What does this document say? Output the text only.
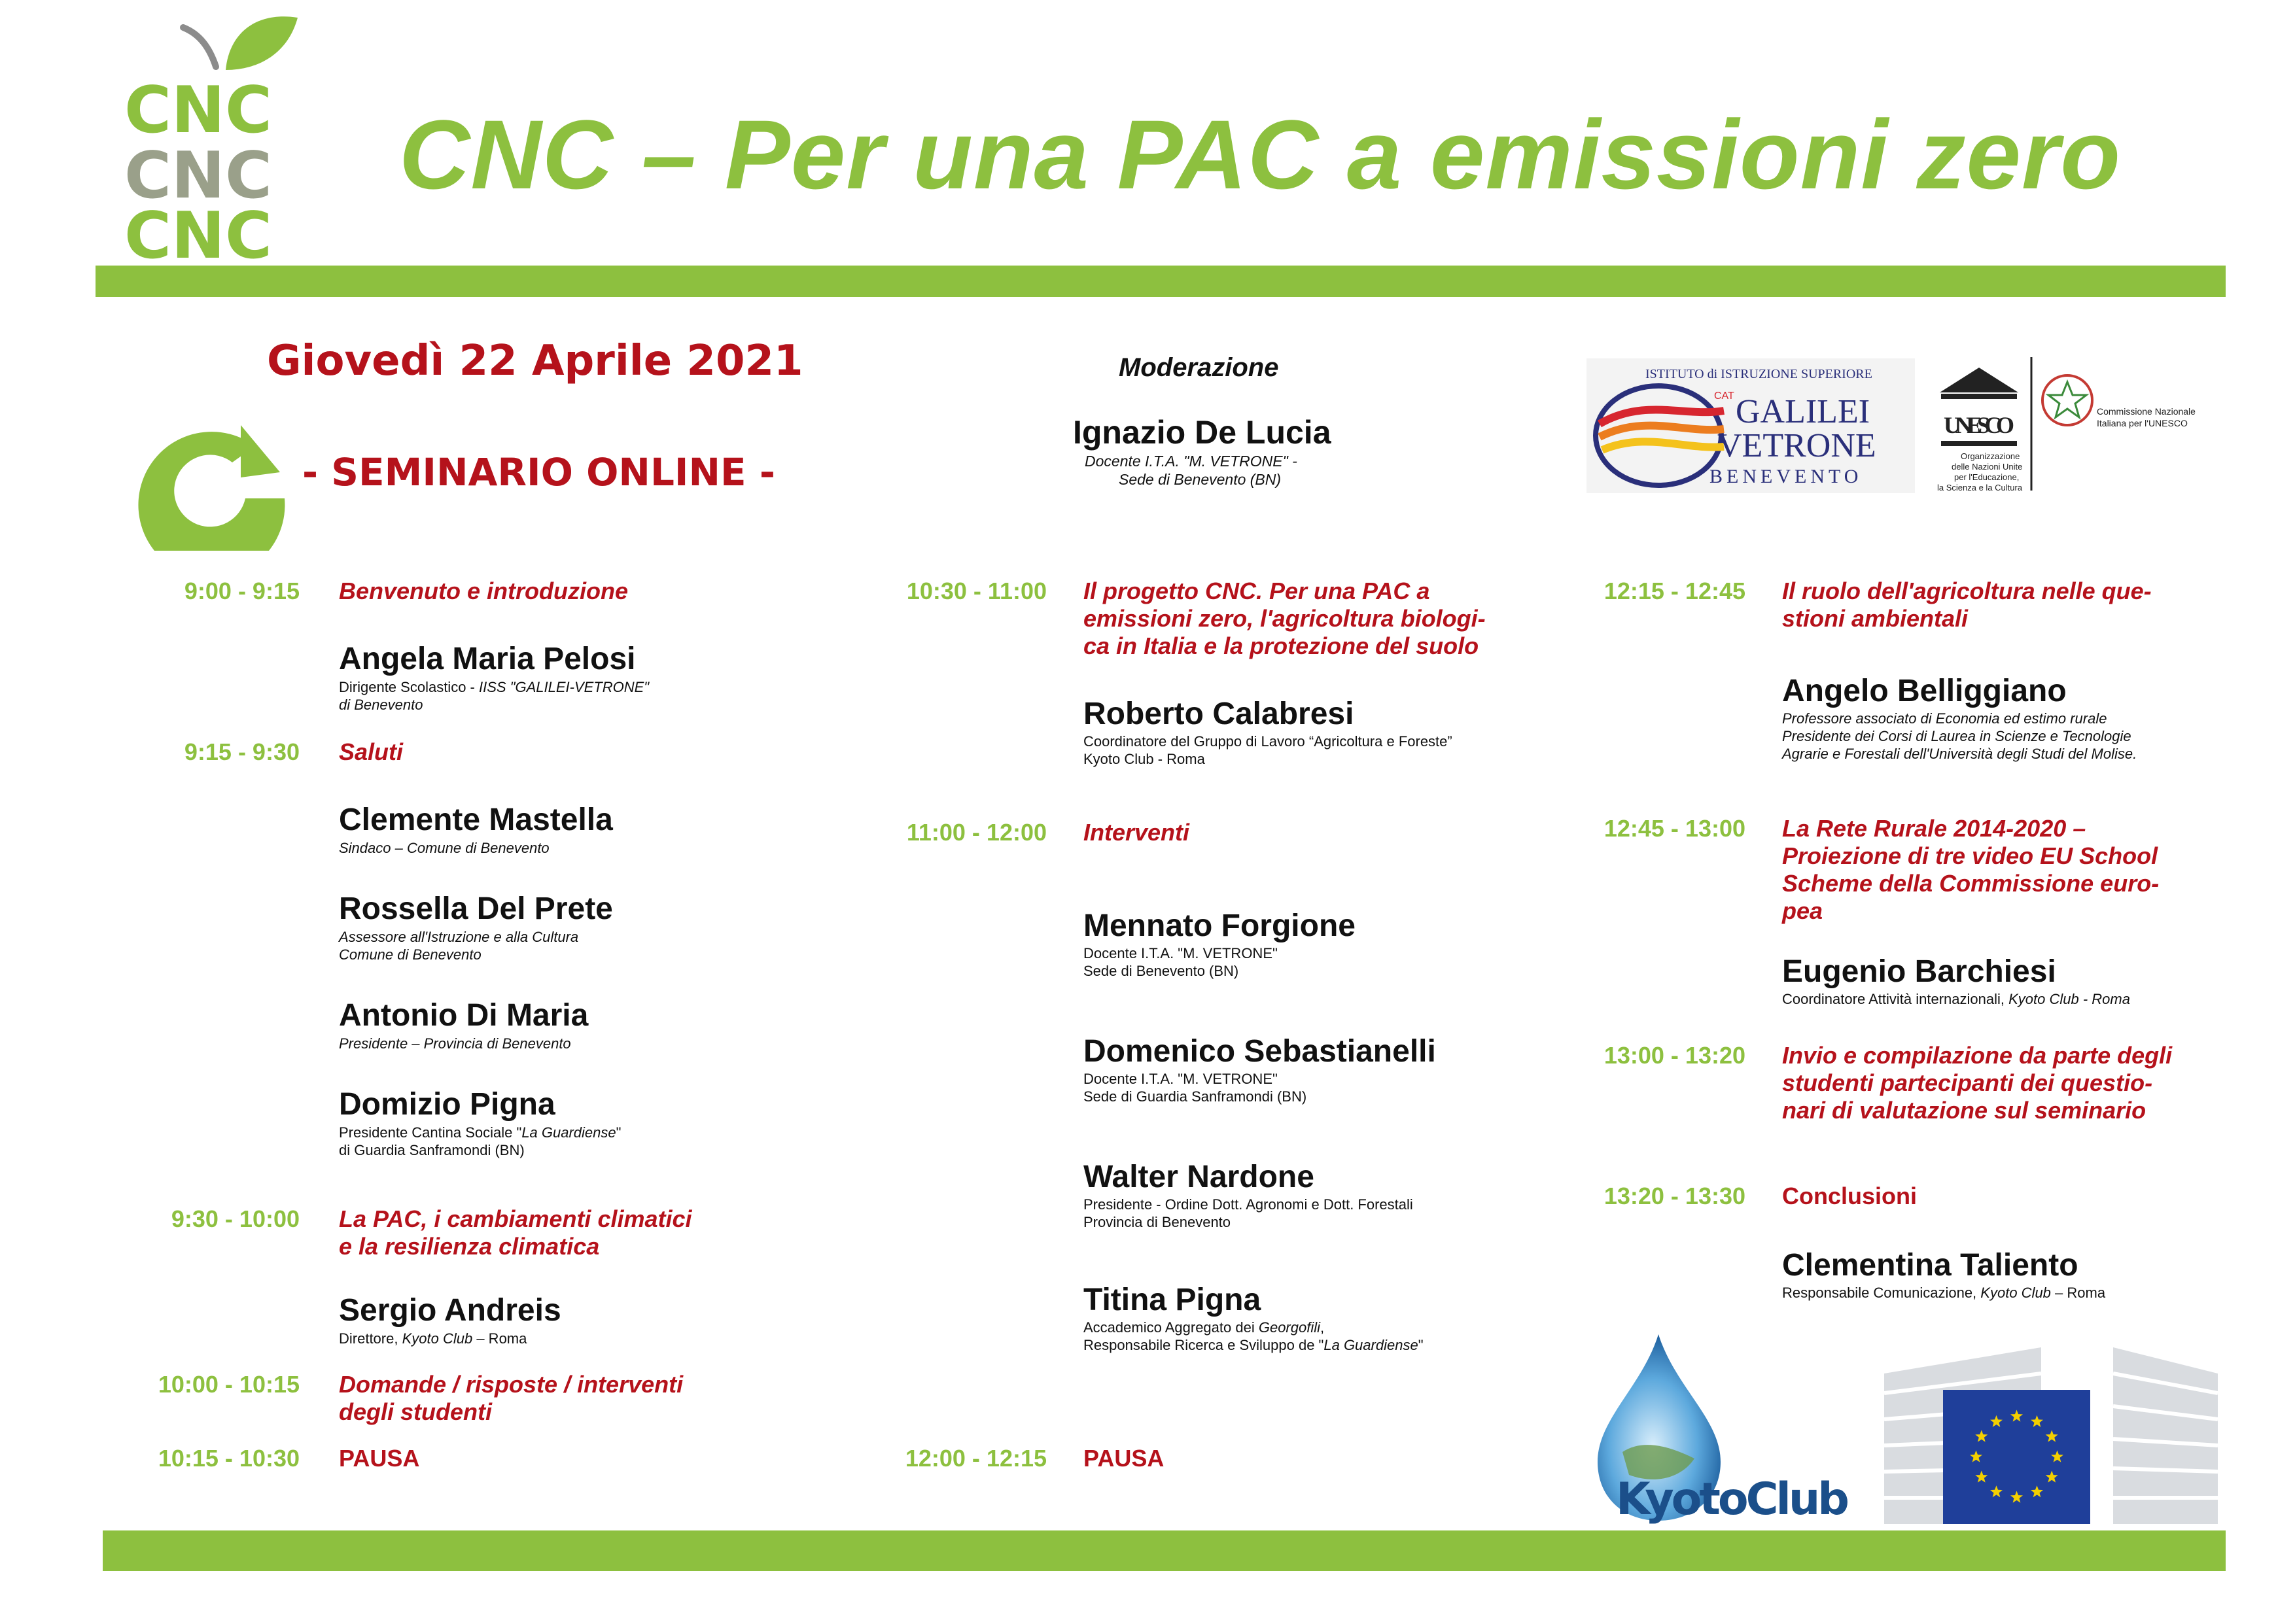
CNC
CNC
CNC
CNC – Per una PAC a emissioni zero
Giovedì 22 Aprile 2021
- SEMINARIO ONLINE -
Moderazione
Ignazio De Lucia
Docente I.T.A. "M. VETRONE" -
Sede di Benevento (BN)
ISTITUTO di ISTRUZIONE SUPERIORE
CAT GALILEI
VETRONE
BENEVENTO
UNESCO
Organizzazione
delle Nazioni Unite
per l'Educazione,
la Scienza e la Cultura
Commissione Nazionale
Italiana per l'UNESCO
9:00 - 9:15 Benvenuto e introduzione
Angela Maria Pelosi
Dirigente Scolastico - IISS "GALILEI-VETRONE"
di Benevento
9:15 - 9:30 Saluti
Clemente Mastella
Sindaco – Comune di Benevento
Rossella Del Prete
Assessore all'Istruzione e alla Cultura
Comune di Benevento
Antonio Di Maria
Presidente – Provincia di Benevento
Domizio Pigna
Presidente Cantina Sociale "La Guardiense"
di Guardia Sanframondi (BN)
9:30 - 10:00 La PAC, i cambiamenti climatici
e la resilienza climatica
Sergio Andreis
Direttore, Kyoto Club – Roma
10:00 - 10:15 Domande / risposte / interventi
degli studenti
10:15 - 10:30 PAUSA
10:30 - 11:00 Il progetto CNC. Per una PAC a
emissioni zero, l'agricoltura biologi-
ca in Italia e la protezione del suolo
Roberto Calabresi
Coordinatore del Gruppo di Lavoro “Agricoltura e Foreste”
Kyoto Club - Roma
11:00 - 12:00 Interventi
Mennato Forgione
Docente I.T.A. "M. VETRONE"
Sede di Benevento (BN)
Domenico Sebastianelli
Docente I.T.A. "M. VETRONE"
Sede di Guardia Sanframondi (BN)
Walter Nardone
Presidente - Ordine Dott. Agronomi e Dott. Forestali
Provincia di Benevento
Titina Pigna
Accademico Aggregato dei Georgofili,
Responsabile Ricerca e Sviluppo de "La Guardiense"
12:00 - 12:15 PAUSA
12:15 - 12:45 Il ruolo dell'agricoltura nelle que-
stioni ambientali
Angelo Belliggiano
Professore associato di Economia ed estimo rurale
Presidente dei Corsi di Laurea in Scienze e Tecnologie
Agrarie e Forestali dell'Università degli Studi del Molise.
12:45 - 13:00 La Rete Rurale 2014-2020 –
Proiezione di tre video EU School
Scheme della Commissione euro-
pea
Eugenio Barchiesi
Coordinatore Attività internazionali, Kyoto Club - Roma
13:00 - 13:20 Invio e compilazione da parte degli
studenti partecipanti dei questio-
nari di valutazione sul seminario
13:20 - 13:30 Conclusioni
Clementina Taliento
Responsabile Comunicazione, Kyoto Club – Roma
KyotoClub
